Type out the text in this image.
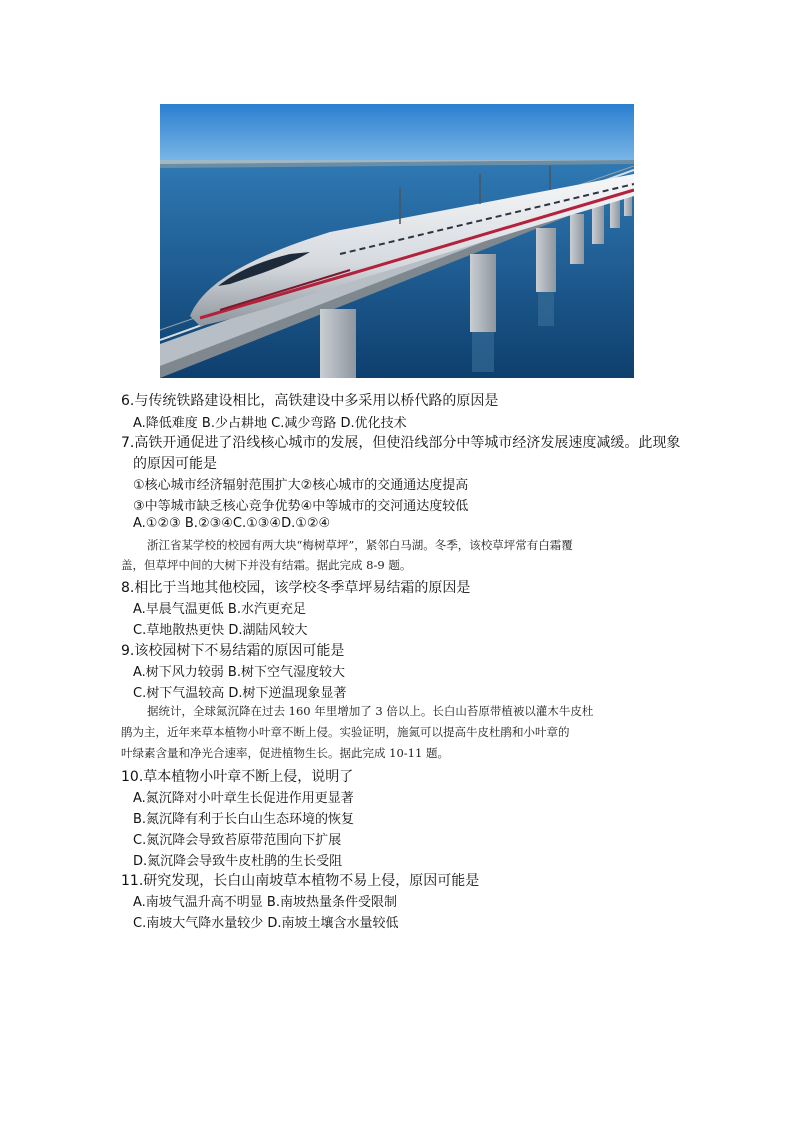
6.与传统铁路建设相比，高铁建设中多采用以桥代路的原因是
A.降低难度 B.少占耕地 C.减少弯路 D.优化技术
7.高铁开通促进了沿线核心城市的发展，但使沿线部分中等城市经济发展速度减缓。此现象
的原因可能是
①核心城市经济辐射范围扩大②核心城市的交通通达度提高
③中等城市缺乏核心竞争优势④中等城市的交河通达度较低
A.①②③ B.②③④C.①③④D.①②④
浙江省某学校的校园有两大块“梅树草坪”，紧邻白马湖。冬季，该校草坪常有白霜覆
盖，但草坪中间的大树下并没有结霜。据此完成 8-9 题。
8.相比于当地其他校园，该学校冬季草坪易结霜的原因是
A.早晨气温更低 B.水汽更充足
C.草地散热更快 D.湖陆风较大
9.该校园树下不易结霜的原因可能是
A.树下风力较弱 B.树下空气湿度较大
C.树下气温较高 D.树下逆温现象显著
据统计，全球氮沉降在过去 160 年里增加了 3 倍以上。长白山苔原带植被以灌木牛皮杜
鹃为主，近年来草本植物小叶章不断上侵。实验证明，施氮可以提高牛皮杜鹃和小叶章的
叶绿素含量和净光合速率，促进植物生长。据此完成 10-11 题。
10.草本植物小叶章不断上侵，说明了
A.氮沉降对小叶章生长促进作用更显著
B.氮沉降有利于长白山生态环境的恢复
C.氮沉降会导致苔原带范围向下扩展
D.氮沉降会导致牛皮杜鹃的生长受阻
11.研究发现，长白山南坡草本植物不易上侵，原因可能是
A.南坡气温升高不明显 B.南坡热量条件受限制
C.南坡大气降水量较少 D.南坡土壤含水量较低
